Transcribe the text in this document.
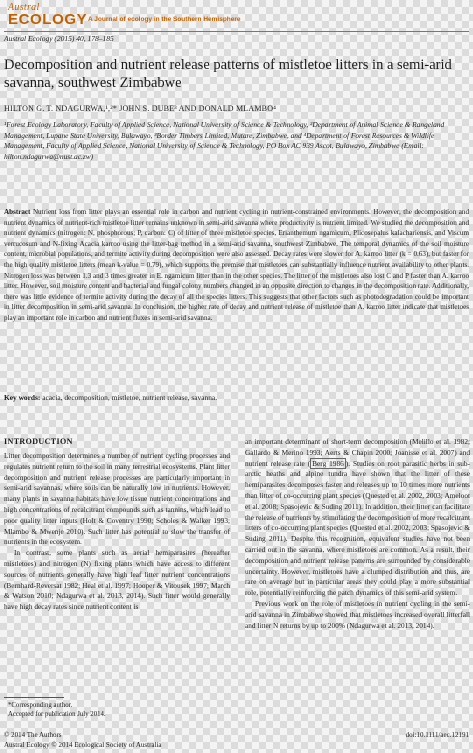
Austral
ECOLOGY A Journal of ecology in the Southern Hemisphere
Austral Ecology (2015) 40, 178–185
Decomposition and nutrient release patterns of mistletoe litters in a semi-arid savanna, southwest Zimbabwe
HILTON G. T. NDAGURWA,¹,²* JOHN S. DUBE³ AND DONALD MLAMBO⁴
¹Forest Ecology Laboratory, Faculty of Applied Science, National University of Science & Technology, ²Department of Animal Science & Rangeland Management, Lupane State University, Bulawayo, ³Border Timbers Limited, Mutare, Zimbabwe, and ⁴Department of Forest Resources & Wildlife Management, Faculty of Applied Science, National University of Science & Technology, PO Box AC 939 Ascot, Bulawayo, Zimbabwe (Email: hilton.ndagurwa@nust.ac.zw)
Abstract Nutrient loss from litter plays an essential role in carbon and nutrient cycling in nutrient-constrained environments. However, the decomposition and nutrient dynamics of nutrient-rich mistletoe litter remains unknown in semi-arid savanna where productivity is nutrient limited. We studied the decomposition and nutrient dynamics (nitrogen: N, phosphorous; P, carbon: C) of litter of three mistletoe species, Erianthemum ngamicum, Plicosepalus kalachariensis, and Viscum verrucosum and N-fixing Acacia karroo using the litter-bag method in a semi-arid savanna, southwest Zimbabwe. The temporal dynamics of the soil moisture content, microbial populations, and termite activity during decomposition were also assessed. Decay rates were slower for A. karroo litter (k = 0.63), but faster for the high quality mistletoe litters (mean k-value = 0.79), which supports the premise that mistletoes can substantially influence nutrient availability to other plants. Nitrogen loss was between 1.3 and 3 times greater in E. ngamicum litter than in the other species. The litter of the mistletoes also lost C and P faster than A. karroo litter. However, soil moisture content and bacterial and fungal colony numbers changed in an opposite direction to changes in the decomposition rate. Additionally, there was little evidence of termite activity during the decay of all the species litters. This suggests that other factors such as photodegradation could be important in litter decomposition in semi-arid savanna. In conclusion, the higher rate of decay and nutrient release of mistletoe than A. karroo litter indicate that mistletoes play an important role in carbon and nutrient fluxes in semi-arid savanna.
Key words: acacia, decomposition, mistletoe, nutrient release, savanna.
INTRODUCTION

Litter decomposition determines a number of nutrient cycling processes and regulates nutrient return to the soil in many terrestrial ecosystems. Plant litter decomposition and nutrient release processes are particularly important in semi-arid savannas, where soils can be naturally low in nutrients. However, many plants in savanna habitats have low tissue nutrient concentrations and high concentrations of recalcitrant compounds such as tannins, which lead to poor quality litter inputs (Holt & Coventry 1990; Scholes & Walker 1993; Mlambo & Mwenje 2010). Such litter has potential to slow the transfer of nutrients in the ecosystem.

In contrast, some plants such as aerial hemiparasites (hereafter mistletoes) and nitrogen (N) fixing plants which have access to different sources of nutrients generally have high leaf litter nutrient concentrations (Bernhard-Reversat 1982; Heal et al. 1997; Hooper & Vitousek 1997; March & Watson 2010; Ndagurwa et al. 2013, 2014). Such litter would generally have high decay rates since nutrient content is

an important determinant of short-term decomposition (Melillo et al. 1982; Gallardo & Merino 1993; Aerts & Chapin 2000; Joanisse et al. 2007) and nutrient release rate ( Berg 1986 ). Studies on root parasitic herbs in sub-arctic heaths and alpine tundra have shown that the litter of these hemiparasites decomposes faster and releases up to 10 times more nutrients than litter of co-occurring plant species (Quested et al. 2002, 2003; Ameloot et al. 2008; Spasojevic & Suding 2011). In addition, their litter can facilitate the release of nutrients by stimulating the decomposition of more recalcitrant litters of co-occurring plant species (Quested et al. 2002, 2003; Spasojevic & Suding 2011). Despite this recognition, equivalent studies have not been carried out in the savanna, where mistletoes are common. As a result, their decomposition and nutrient release patterns are surrounded by considerable uncertainty. However, mistletoes have a clumped distribution and thus, are rare on average but in particular areas they could play a more substantial role, potentially reinforcing the patch dynamics of this semi-arid system.

Previous work on the role of mistletoes in nutrient cycling in the semi-arid savanna in Zimbabwe showed that mistletoes increased overall litterfall and litter N returns by up to 200% (Ndagurwa et al. 2013, 2014).

*Corresponding author.
Accepted for publication July 2014.
© 2014 The Authors
Austral Ecology © 2014 Ecological Society of Australia
doi:10.1111/aec.12191
